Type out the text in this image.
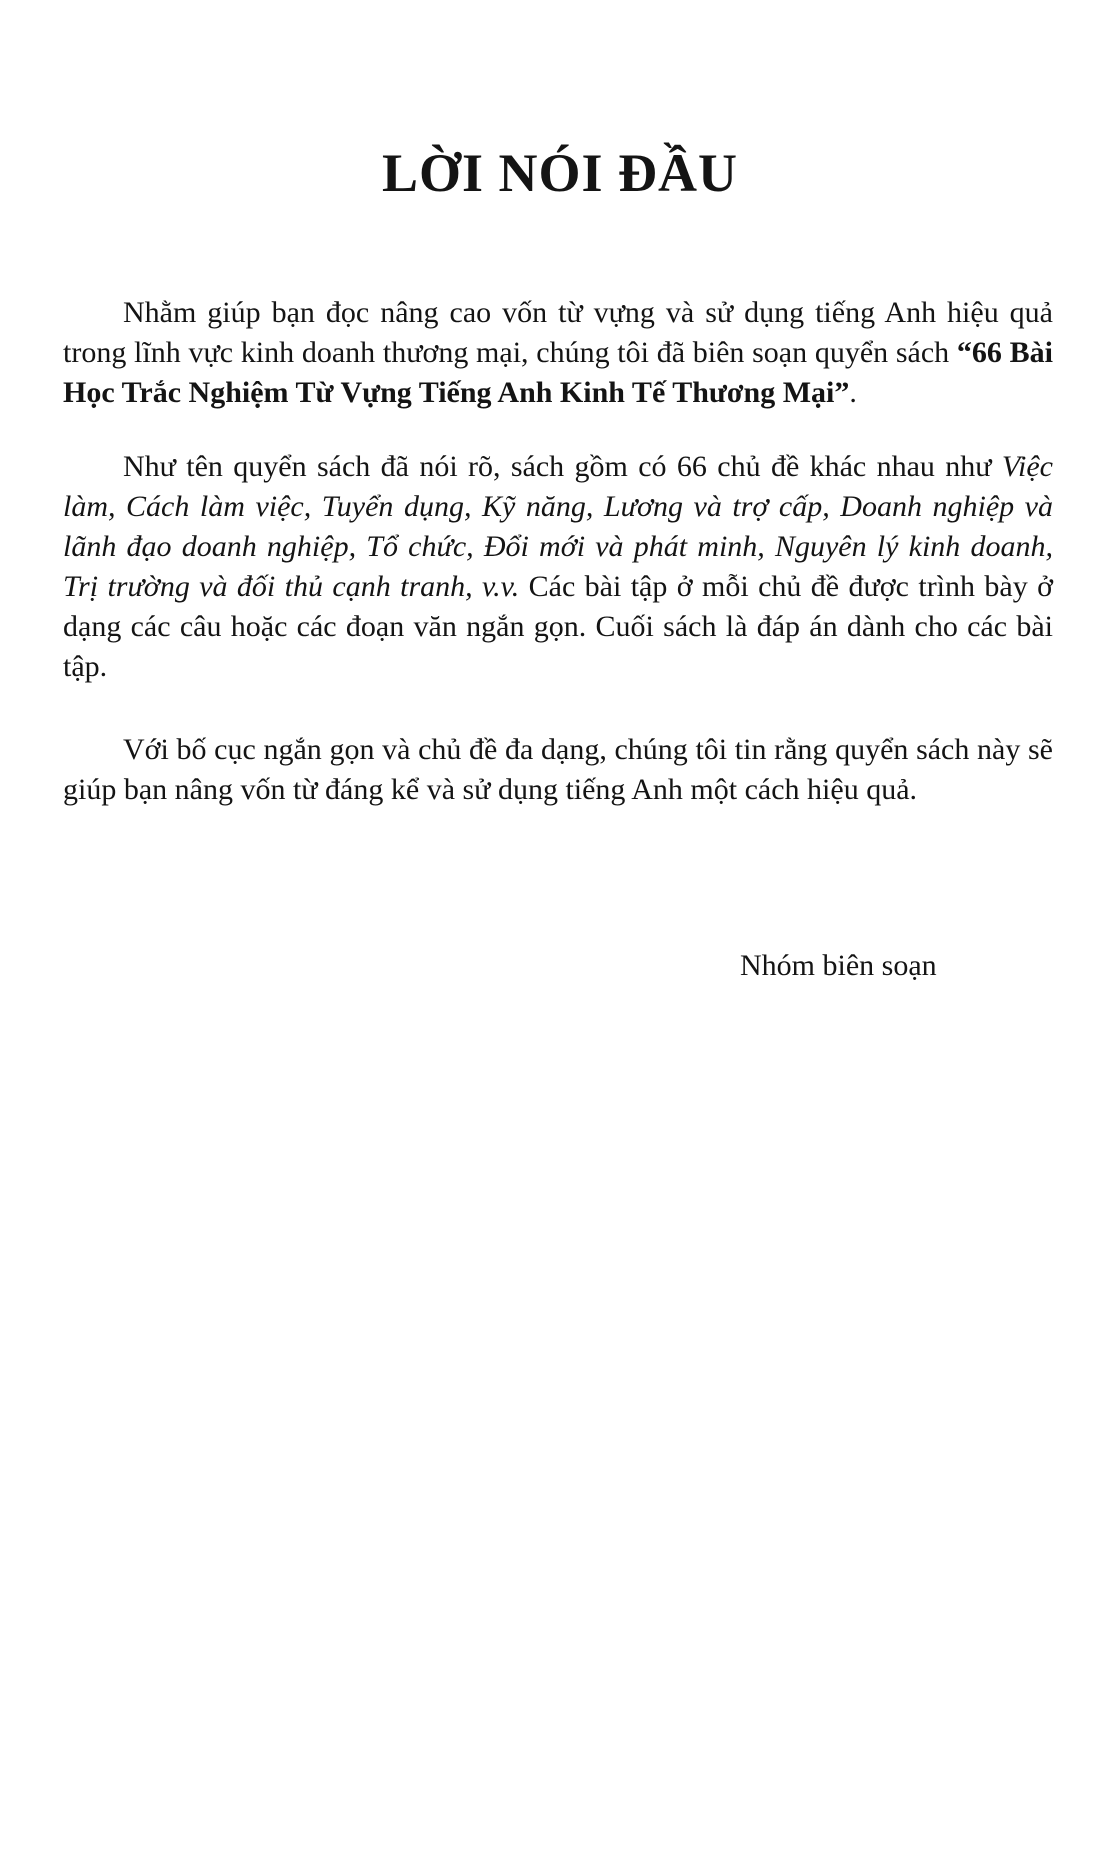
LỜI NÓI ĐẦU

Nhằm giúp bạn đọc nâng cao vốn từ vựng và sử dụng tiếng Anh hiệu quả trong lĩnh vực kinh doanh thương mại, chúng tôi đã biên soạn quyển sách “66 Bài Học Trắc Nghiệm Từ Vựng Tiếng Anh Kinh Tế Thương Mại”.

Như tên quyển sách đã nói rõ, sách gồm có 66 chủ đề khác nhau như Việc làm, Cách làm việc, Tuyển dụng, Kỹ năng, Lương và trợ cấp, Doanh nghiệp và lãnh đạo doanh nghiệp, Tổ chức, Đổi mới và phát minh, Nguyên lý kinh doanh, Trị trường và đối thủ cạnh tranh, v.v. Các bài tập ở mỗi chủ đề được trình bày ở dạng các câu hoặc các đoạn văn ngắn gọn. Cuối sách là đáp án dành cho các bài tập.

Với bố cục ngắn gọn và chủ đề đa dạng, chúng tôi tin rằng quyển sách này sẽ giúp bạn nâng vốn từ đáng kể và sử dụng tiếng Anh một cách hiệu quả.

Nhóm biên soạn
